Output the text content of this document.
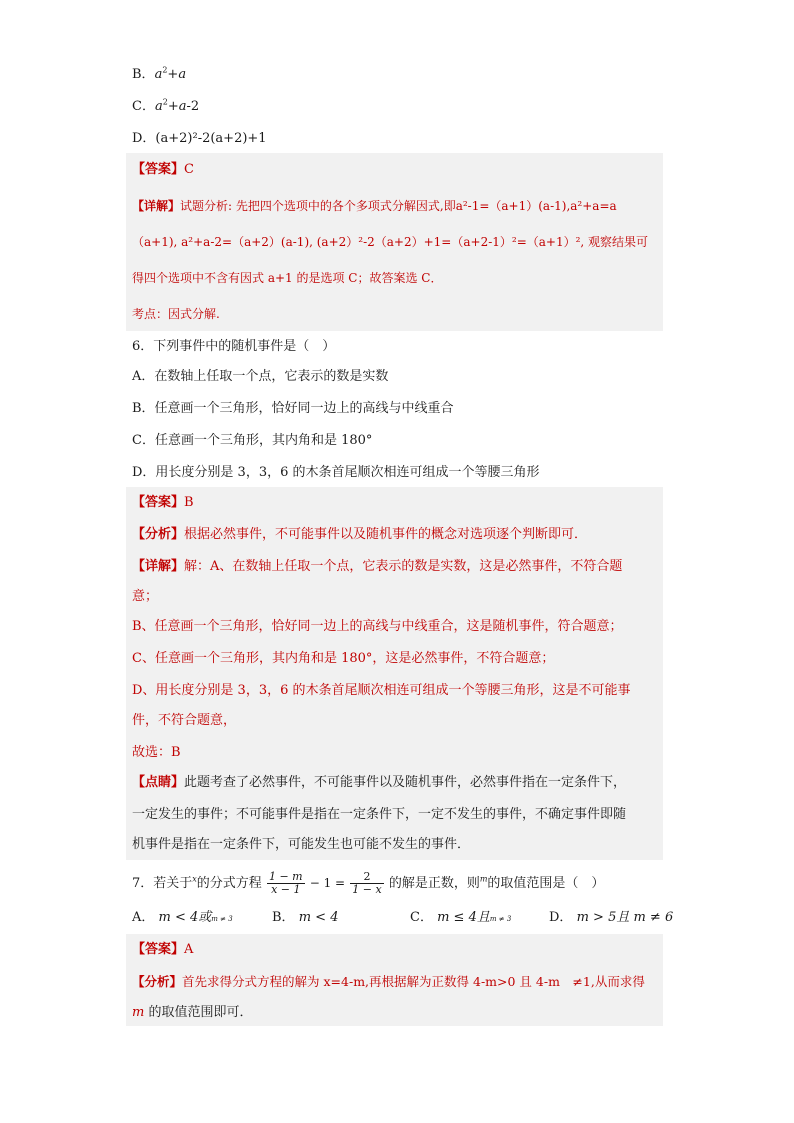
B．$a^2+a$
C．$a^2+a-2$
D．(a+2)²-2(a+2)+1
【答案】C
【详解】试题分析: 先把四个选项中的各个多项式分解因式,即a²-1=（a+1）(a-1),a²+a=a
（a+1), a²+a-2=（a+2）(a-1), (a+2）²-2（a+2）+1=（a+2-1）²=（a+1）², 观察结果可
得四个选项中不含有因式 a+1 的是选项 C；故答案选 C．
考点：因式分解.
6．下列事件中的随机事件是（　）
A．在数轴上任取一个点，它表示的数是实数
B．任意画一个三角形，恰好同一边上的高线与中线重合
C．任意画一个三角形，其内角和是 180°
D．用长度分别是 3，3，6 的木条首尾顺次相连可组成一个等腰三角形
【答案】B
【分析】根据必然事件，不可能事件以及随机事件的概念对选项逐个判断即可．
【详解】解：A、在数轴上任取一个点，它表示的数是实数，这是必然事件，不符合题
意；
B、任意画一个三角形，恰好同一边上的高线与中线重合，这是随机事件，符合题意；
C、任意画一个三角形，其内角和是 180°，这是必然事件，不符合题意；
D、用长度分别是 3，3，6 的木条首尾顺次相连可组成一个等腰三角形，这是不可能事
件，不符合题意，
故选：B
【点睛】此题考查了必然事件，不可能事件以及随机事件，必然事件指在一定条件下，
一定发生的事件；不可能事件是指在一定条件下，一定不发生的事件，不确定事件即随
机事件是指在一定条件下，可能发生也可能不发生的事件．
7．若关于$^x$的分式方程 $\frac{1 - m}{x - 1} - 1 = \frac{2}{1 - x}$ 的解是正数，则$^m$的取值范围是（　）
A． m < 4或m ≠ 3	B． m < 4	C． m ≤ 4且m ≠ 3	D． m > 5且 m ≠ 6
【答案】A
【分析】首先求得分式方程的解为 x=4-m,再根据解为正数得 4-m>0 且 4-m　≠1,从而求得
m 的取值范围即可．
